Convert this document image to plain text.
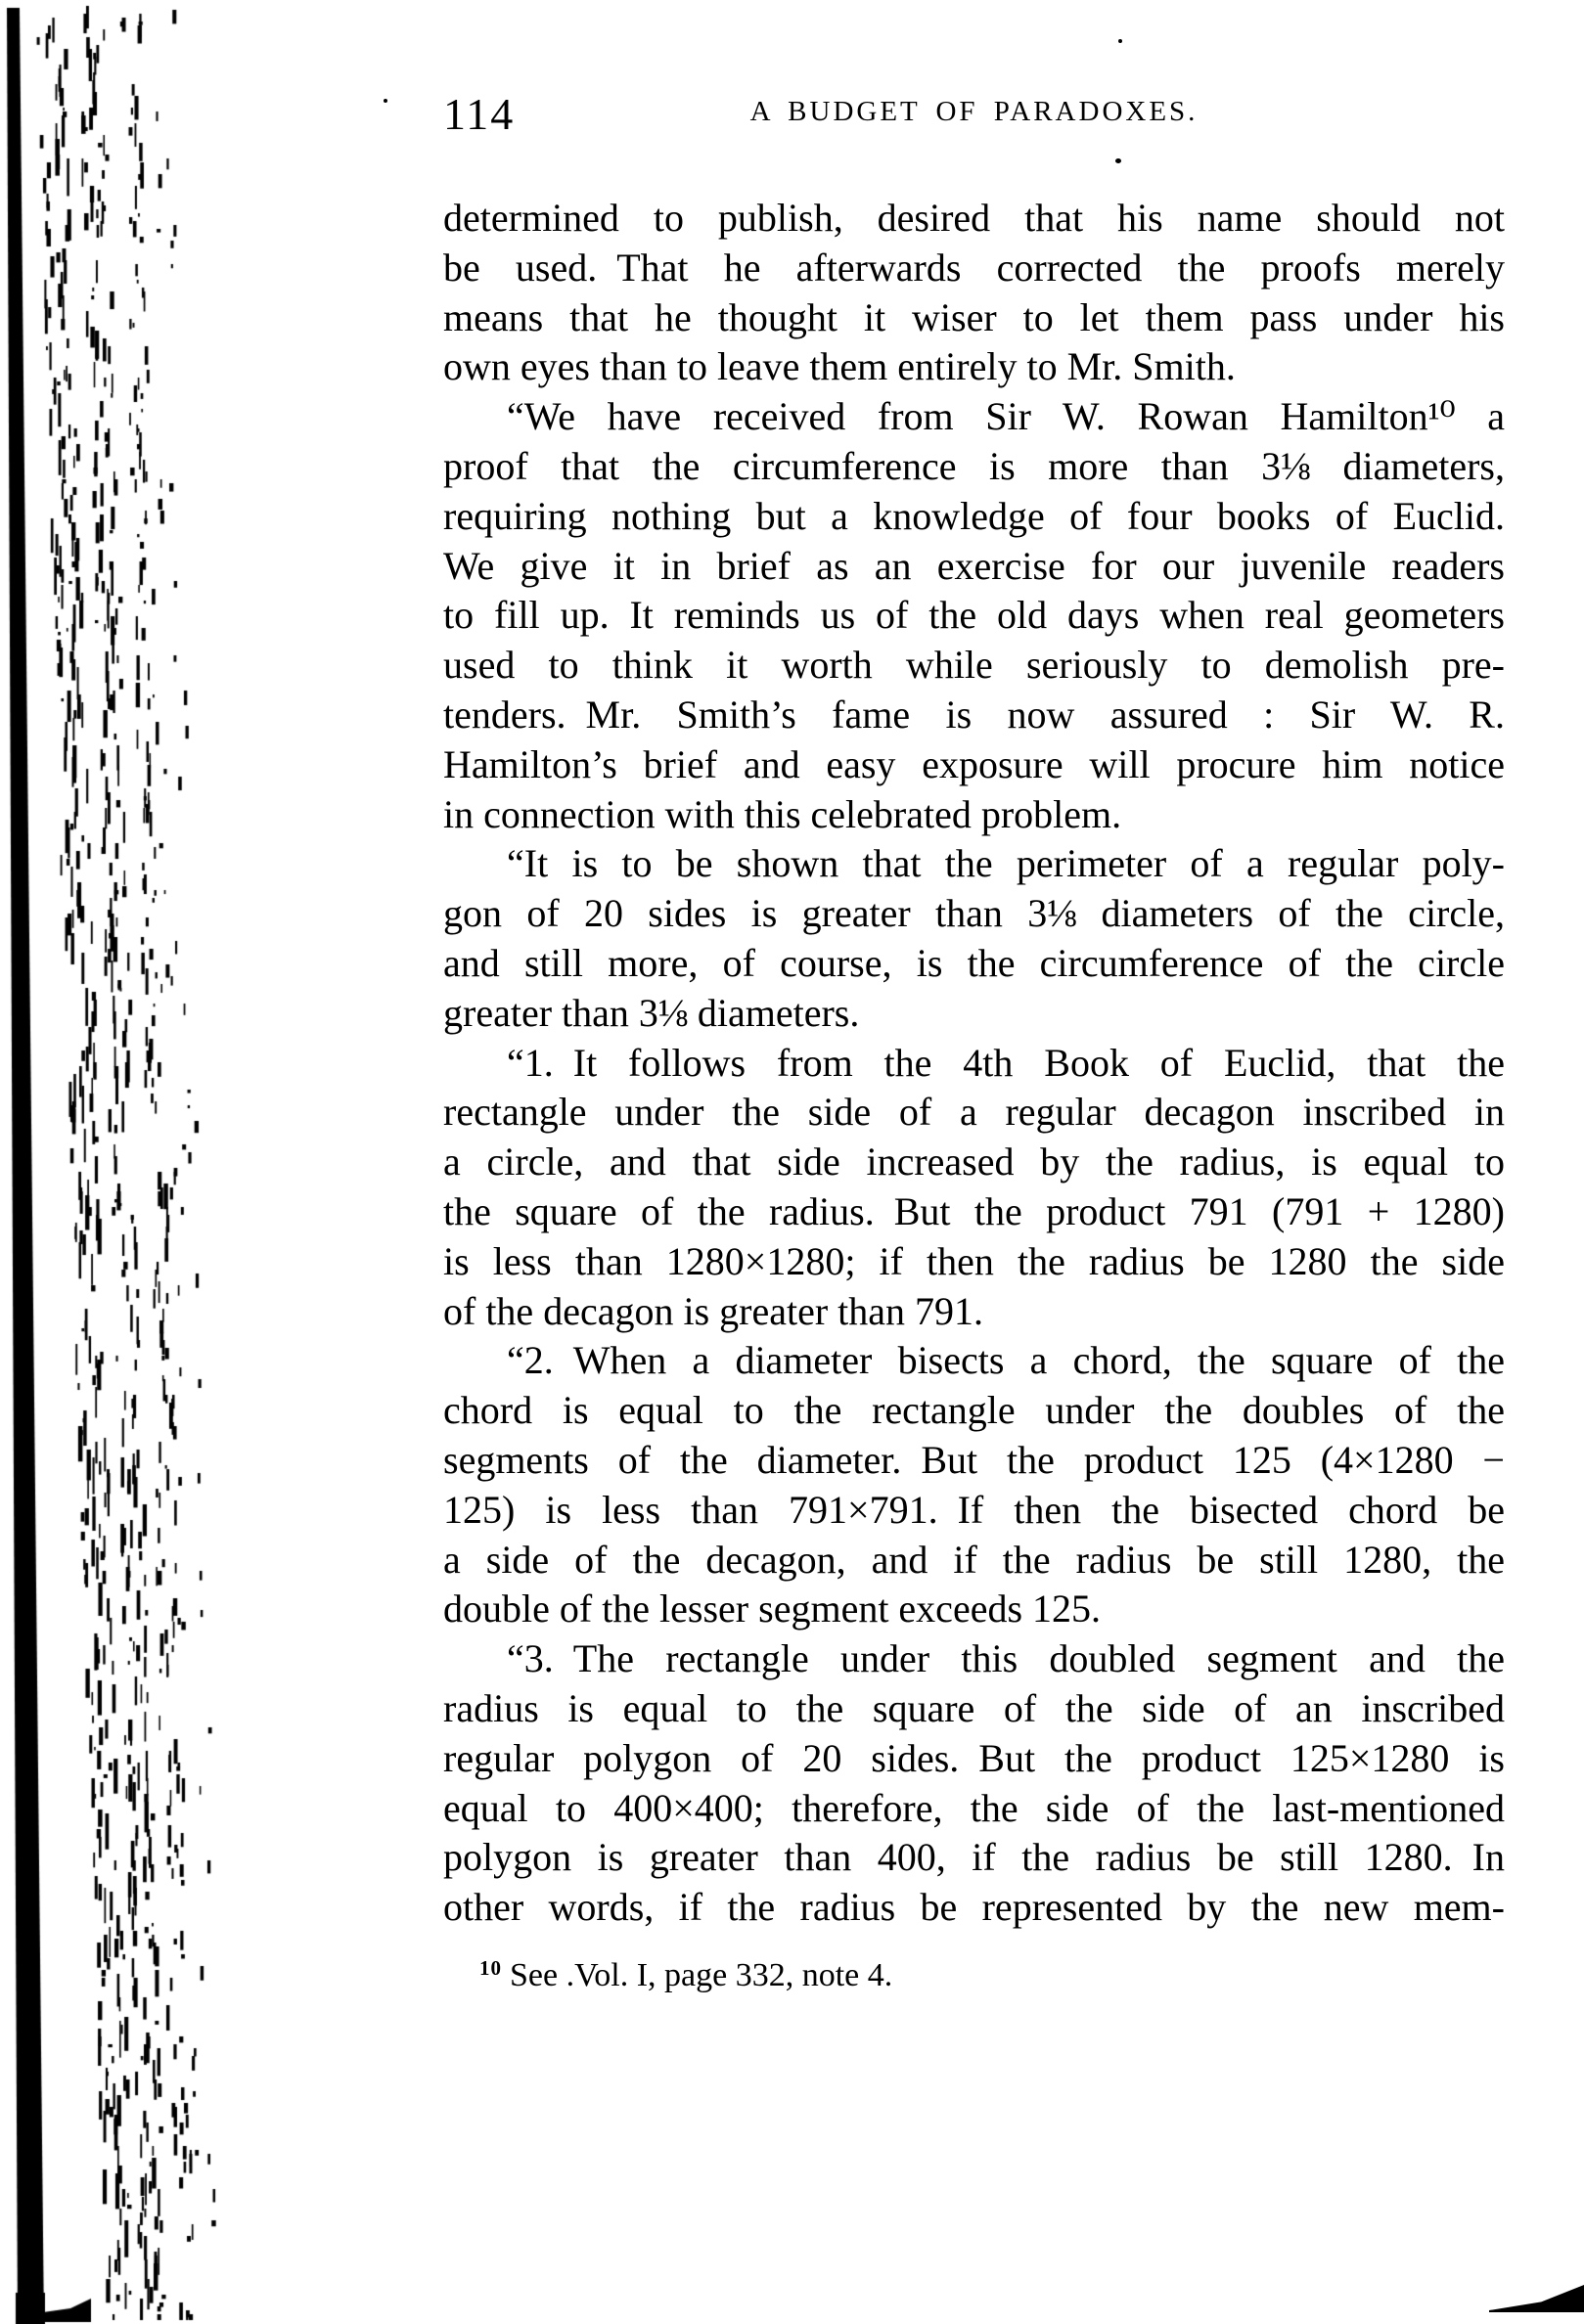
114	A BUDGET OF PARADOXES.
determined to publish, desired that his name should not
be used. That he afterwards corrected the proofs merely
means that he thought it wiser to let them pass under his
own eyes than to leave them entirely to Mr. Smith.
“We have received from Sir W. Rowan Hamilton¹⁰ a
proof that the circumference is more than 3⅛ diameters,
requiring nothing but a knowledge of four books of Euclid.
We give it in brief as an exercise for our juvenile readers
to fill up. It reminds us of the old days when real geometers
used to think it worth while seriously to demolish pre-
tenders. Mr. Smith’s fame is now assured : Sir W. R.
Hamilton’s brief and easy exposure will procure him notice
in connection with this celebrated problem.
“It is to be shown that the perimeter of a regular poly-
gon of 20 sides is greater than 3⅛ diameters of the circle,
and still more, of course, is the circumference of the circle
greater than 3⅛ diameters.
“1. It follows from the 4th Book of Euclid, that the
rectangle under the side of a regular decagon inscribed in
a circle, and that side increased by the radius, is equal to
the square of the radius. But the product 791 (791 + 1280)
is less than 1280×1280; if then the radius be 1280 the side
of the decagon is greater than 791.
“2. When a diameter bisects a chord, the square of the
chord is equal to the rectangle under the doubles of the
segments of the diameter. But the product 125 (4×1280 −
125) is less than 791×791. If then the bisected chord be
a side of the decagon, and if the radius be still 1280, the
double of the lesser segment exceeds 125.
“3. The rectangle under this doubled segment and the
radius is equal to the square of the side of an inscribed
regular polygon of 20 sides. But the product 125×1280 is
equal to 400×400; therefore, the side of the last-mentioned
polygon is greater than 400, if the radius be still 1280. In
other words, if the radius be represented by the new mem-
$^{10}$ See .Vol. I, page 332, note 4.
